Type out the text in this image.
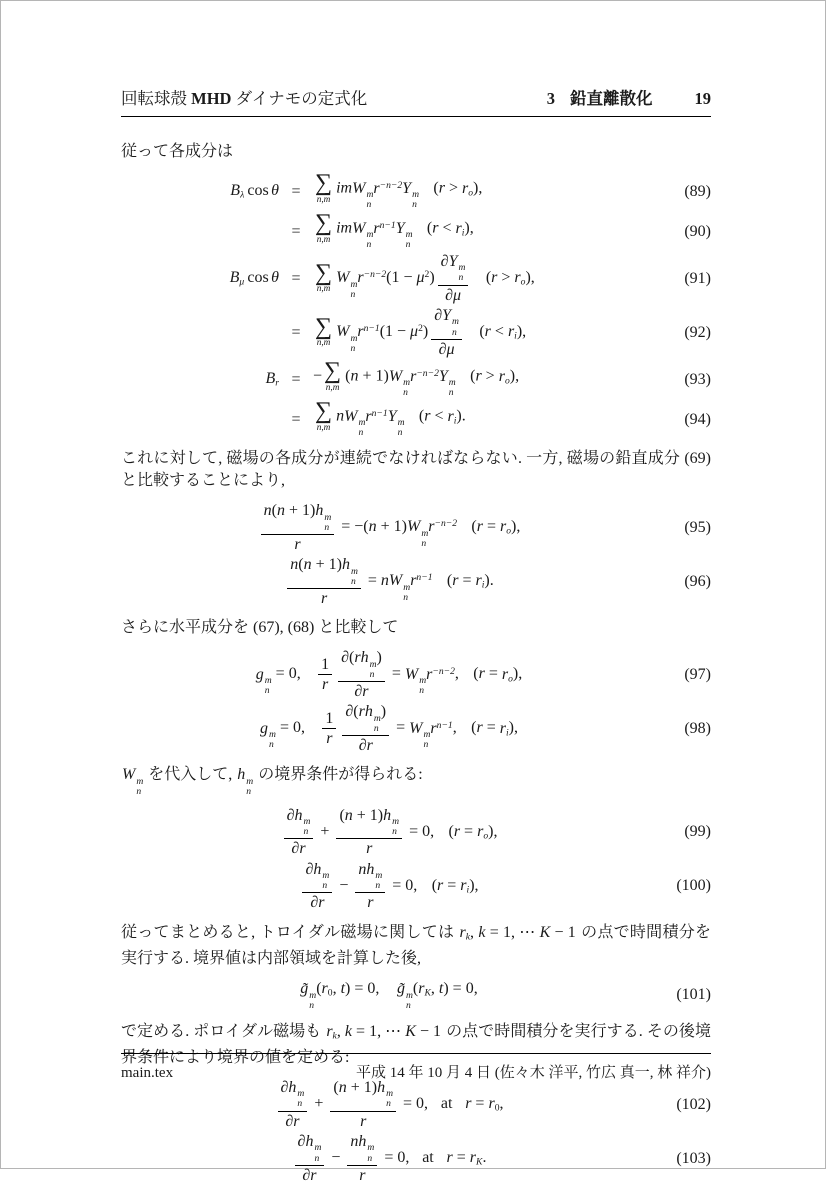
回転球殻 MHD ダイナモの定式化	3 鉛直離散化	19

従って各成分は

Bλ cos θ = ∑
n,m
imW m
n
$r^{-n-2}Y$ m
n
(r > ro),	(89)
= ∑
n,m
imW m
n
$r^{n-1}Y$ m
n
(r < ri),	(90)
Bμ cos θ = ∑
n,m
W m
n
$r^{-n-2}(1 - \mu^2)$
∂Y m
n
∂μ
(r > ro),	(91)
= ∑
n,m
W m
n
$r^{n-1}(1 - \mu^2)$
∂Y m
n
∂μ
(r < ri),	(92)
Br = − ∑
n,m
(n + 1)W m
n
$r^{-n-2}Y$ m
n
(r > ro),	(93)
= ∑
n,m
nW m
n
$r^{n-1}Y$ m
n
(r < ri).	(94)

これに対して, 磁場の各成分が連続でなければならない. 一方, 磁場の鉛直成分 (69) と比較することにより,

n(n + 1)h m
n
r
= −(n + 1)W m
n
$r^{-n-2}$ (r = ro),	(95)
n(n + 1)h m
n
r
= nW m
n
$r^{n-1}$ (r = ri).	(96)

さらに水平成分を (67), (68) と比較して

g m
n
= 0, $\frac{1}{r} \partial(rh$ m
n
)
∂r
= W m
n
$r^{-n-2}$, (r = ro),	(97)
g m
n
= 0, $\frac{1}{r} \partial(rh$ m
n
)
∂r
= W m
n
$r^{n-1}$, (r = ri),	(98)

W m
n
を代入して, h m
n
の境界条件が得られる:

∂h m
n
∂r
+
(n + 1)h m
n
r
= 0, (r = ro),	(99)
∂h m
n
∂r
−
nh m
n
r
= 0, (r = ri),	(100)

従ってまとめると, トロイダル磁場に関しては rk, k = 1, ⋯ K − 1 の点で時間積分を実行する. 境界値は内部領域を計算した後,

g̃ m
n
(r0, t) = 0, g̃ m
n
(rK, t) = 0,	(101)

で定める. ポロイダル磁場も rk, k = 1, ⋯ K − 1 の点で時間積分を実行する. その後境界条件により境界の値を定める:

∂h m
n
∂r
+
(n + 1)h m
n
r
= 0, at r = r0,	(102)
∂h m
n
∂r
−
nh m
n
r
= 0, at r = rK.	(103)
main.tex	平成 14 年 10 月 4 日 (佐々木 洋平, 竹広 真一, 林 祥介)
